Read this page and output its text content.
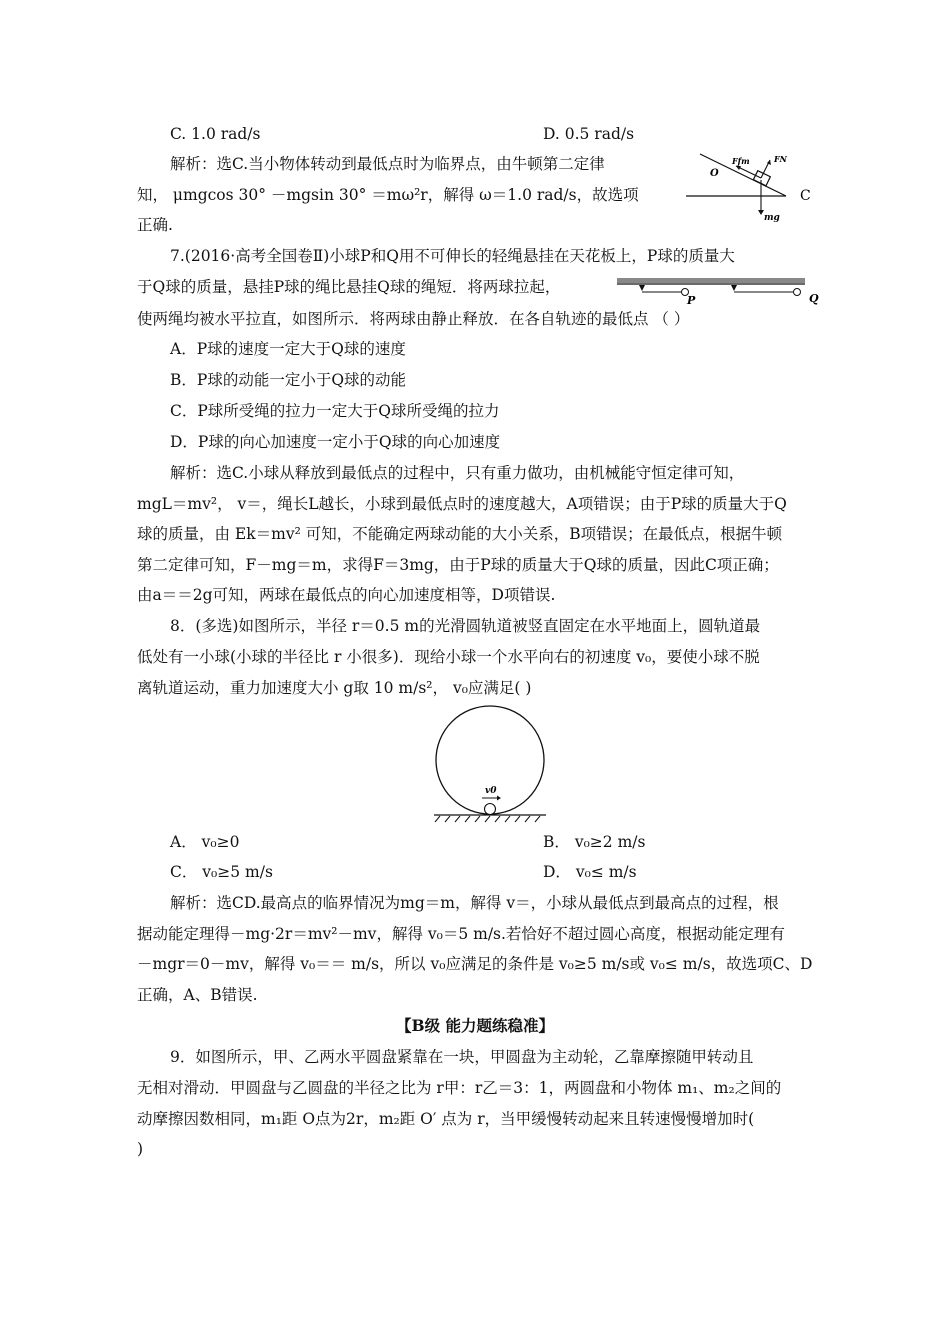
C. 1.0 rad/s	D. 0.5 rad/s
解析：选C.当小物体转动到最低点时为临界点，由牛顿第二定律
知， μmgcos 30° －mgsin 30° ＝mω²r，解得 ω＝1.0 rad/s，故选项
正确.
O
Ffm	FN
mg
C
7.(2016·高考全国卷Ⅱ)小球P和Q用不可伸长的轻绳悬挂在天花板上，P球的质量大
于Q球的质量，悬挂P球的绳比悬挂Q球的绳短．将两球拉起，
使两绳均被水平拉直，如图所示．将两球由静止释放．在各自轨迹的最低点 （ ）
P	Q
A．P球的速度一定大于Q球的速度
B．P球的动能一定小于Q球的动能
C．P球所受绳的拉力一定大于Q球所受绳的拉力
D．P球的向心加速度一定小于Q球的向心加速度
解析：选C.小球从释放到最低点的过程中，只有重力做功，由机械能守恒定律可知，
mgL＝mv²， v＝，绳长L越长，小球到最低点时的速度越大，A项错误；由于P球的质量大于Q
球的质量，由 Ek＝mv² 可知，不能确定两球动能的大小关系，B项错误；在最低点，根据牛顿
第二定律可知，F－mg＝m，求得F＝3mg，由于P球的质量大于Q球的质量，因此C项正确；
由a＝＝2g可知，两球在最低点的向心加速度相等，D项错误.
8．(多选)如图所示，半径 r＝0.5 m的光滑圆轨道被竖直固定在水平地面上，圆轨道最
低处有一小球(小球的半径比 r 小很多)．现给小球一个水平向右的初速度 v₀，要使小球不脱
离轨道运动，重力加速度大小 g取 10 m/s²， v₀应满足( )
v0
A． v₀≥0	B． v₀≥2 m/s
C． v₀≥5 m/s	D． v₀≤ m/s
解析：选CD.最高点的临界情况为mg＝m，解得 v＝，小球从最低点到最高点的过程，根
据动能定理得－mg·2r＝mv²－mv，解得 v₀＝5 m/s.若恰好不超过圆心高度，根据动能定理有
－mgr＝0－mv，解得 v₀＝＝ m/s，所以 v₀应满足的条件是 v₀≥5 m/s或 v₀≤ m/s，故选项C、D
正确，A、B错误.
【B级 能力题练稳准】
9．如图所示，甲、乙两水平圆盘紧靠在一块，甲圆盘为主动轮，乙靠摩擦随甲转动且
无相对滑动．甲圆盘与乙圆盘的半径之比为 r甲：r乙＝3：1，两圆盘和小物体 m₁、m₂之间的
动摩擦因数相同，m₁距 O点为2r，m₂距 O′ 点为 r，当甲缓慢转动起来且转速慢慢增加时(
)
